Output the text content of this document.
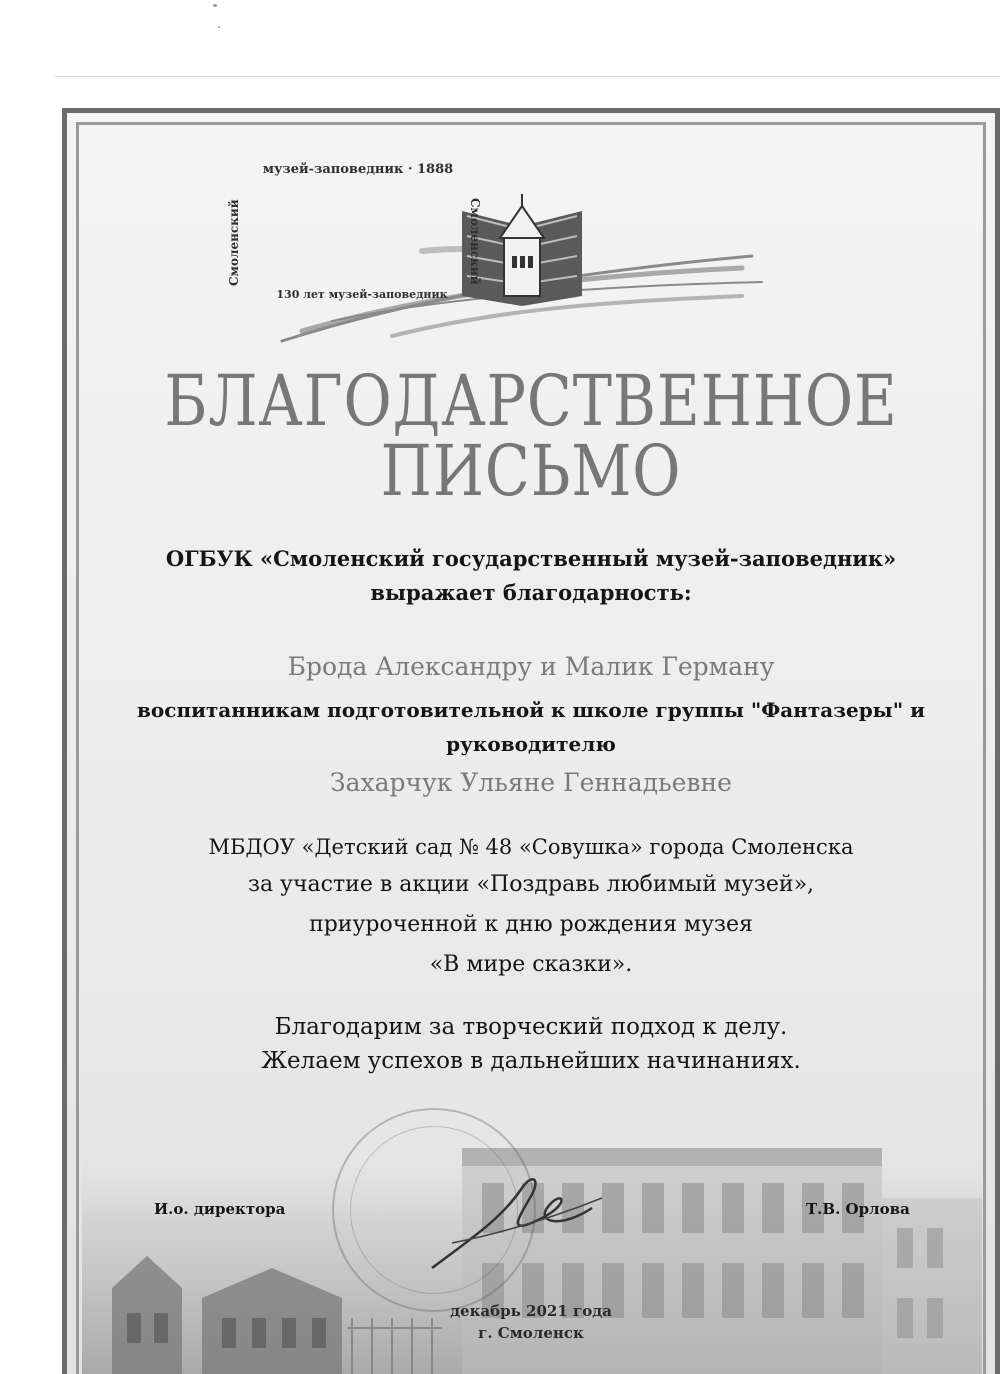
музей-заповедник · 1888
Смоленский	Смоленский
130 лет музей-заповедник
БЛАГОДАРСТВЕННОЕ
ПИСЬМО
ОГБУК «Смоленский государственный музей-заповедник»
выражает благодарность:
Брода Александру и Малик Герману
воспитанникам подготовительной к школе группы "Фантазеры" и
руководителю
Захарчук Ульяне Геннадьевне
МБДОУ «Детский сад № 48 «Совушка» города Смоленска
за участие в акции «Поздравь любимый музей»,
приуроченной к дню рождения музея
«В мире сказки».
Благодарим за творческий подход к делу.
Желаем успехов в дальнейших начинаниях.
И.о. директора	Т.В. Орлова
декабрь 2021 года
г. Смоленск
